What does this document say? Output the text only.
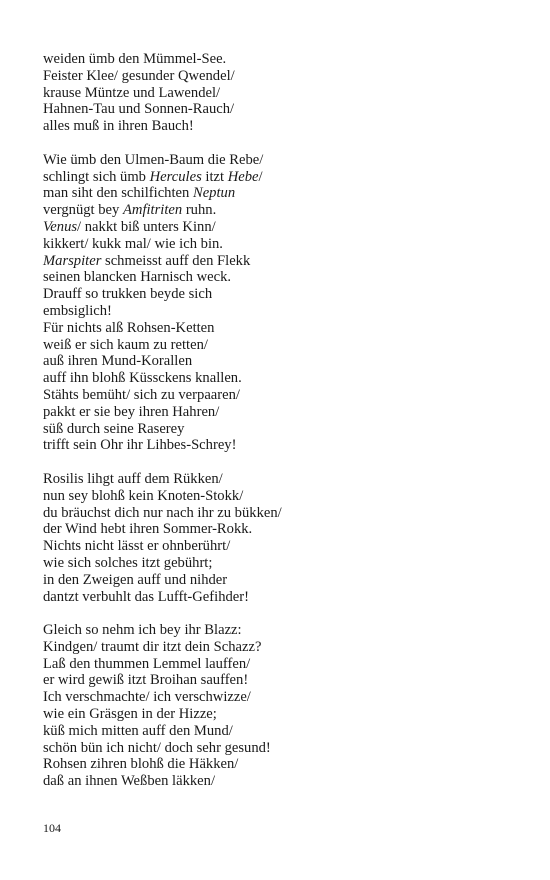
weiden ümb den Mümmel-See.
Feister Klee/ gesunder Qwendel/
krause Müntze und Lawendel/
Hahnen-Tau und Sonnen-Rauch/
alles muß in ihren Bauch!
Wie ümb den Ulmen-Baum die Rebe/
schlingt sich ümb Hercules itzt Hebe/
man siht den schilfichten Neptun
vergnügt bey Amfitriten ruhn.
Venus/ nakkt biß unters Kinn/
kikkert/ kukk mal/ wie ich bin.
Marspiter schmeisst auff den Flekk
seinen blancken Harnisch weck.
Drauff so trukken beyde sich
embsiglich!
Für nichts alß Rohsen-Ketten
weiß er sich kaum zu retten/
auß ihren Mund-Korallen
auff ihn blohß Küssckens knallen.
Stähts bemüht/ sich zu verpaaren/
pakkt er sie bey ihren Hahren/
süß durch seine Raserey
trifft sein Ohr ihr Lihbes-Schrey!
Rosilis lihgt auff dem Rükken/
nun sey blohß kein Knoten-Stokk/
du bräuchst dich nur nach ihr zu bükken/
der Wind hebt ihren Sommer-Rokk.
Nichts nicht lässt er ohnberührt/
wie sich solches itzt gebührt;
in den Zweigen auff und nihder
dantzt verbuhlt das Lufft-Gefihder!
Gleich so nehm ich bey ihr Blazz:
Kindgen/ traumt dir itzt dein Schazz?
Laß den thummen Lemmel lauffen/
er wird gewiß itzt Broihan sauffen!
Ich verschmachte/ ich verschwizze/
wie ein Gräsgen in der Hizze;
küß mich mitten auff den Mund/
schön bün ich nicht/ doch sehr gesund!
Rohsen zihren blohß die Häkken/
daß an ihnen Weßben läkken/
104
